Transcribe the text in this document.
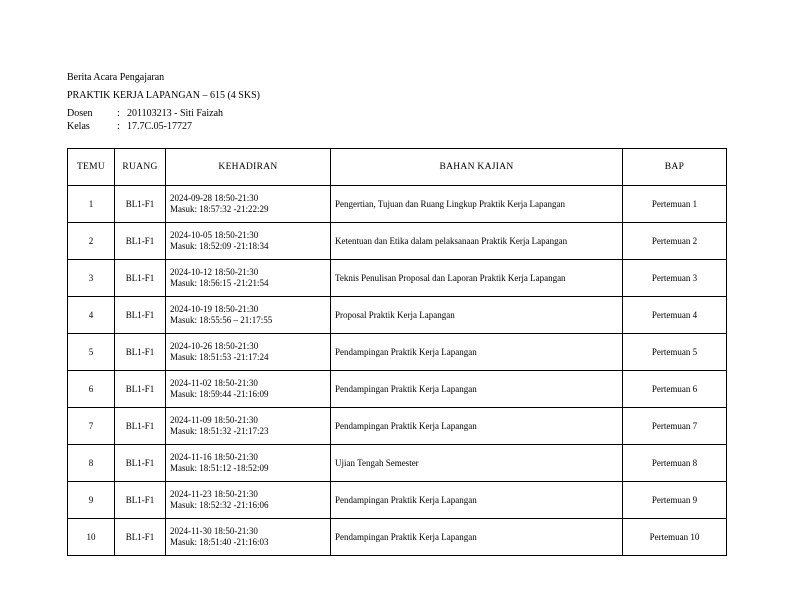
Berita Acara Pengajaran
PRAKTIK KERJA LAPANGAN – 615 (4 SKS)
Dosen : 201103213 - Siti Faizah
Kelas	: 17.7C.05-17727
TEMU	RUANG	KEHADIRAN	BAHAN KAJIAN	BAP
1	BL1-F1	2024-09-28 18:50-21:30
Masuk: 18:57:32 -21:22:29	Pengertian, Tujuan dan Ruang Lingkup Praktik Kerja Lapangan	Pertemuan 1
2	BL1-F1	2024-10-05 18:50-21:30
Masuk: 18:52:09 -21:18:34	Ketentuan dan Etika dalam pelaksanaan Praktik Kerja Lapangan	Pertemuan 2
3	BL1-F1	2024-10-12 18:50-21:30
Masuk: 18:56:15 -21:21:54	Teknis Penulisan Proposal dan Laporan Praktik Kerja Lapangan	Pertemuan 3
4	BL1-F1	2024-10-19 18:50-21:30
Masuk: 18:55:56 – 21:17:55	Proposal Praktik Kerja Lapangan	Pertemuan 4
5	BL1-F1	2024-10-26 18:50-21:30
Masuk: 18:51:53 -21:17:24	Pendampingan Praktik Kerja Lapangan	Pertemuan 5
6	BL1-F1	2024-11-02 18:50-21:30
Masuk: 18:59:44 -21:16:09	Pendampingan Praktik Kerja Lapangan	Pertemuan 6
7	BL1-F1	2024-11-09 18:50-21:30
Masuk: 18:51:32 -21:17:23	Pendampingan Praktik Kerja Lapangan	Pertemuan 7
8	BL1-F1	2024-11-16 18:50-21:30
Masuk: 18:51:12 -18:52:09	Ujian Tengah Semester	Pertemuan 8
9	BL1-F1	2024-11-23 18:50-21:30
Masuk: 18:52:32 -21:16:06	Pendampingan Praktik Kerja Lapangan	Pertemuan 9
10	BL1-F1	2024-11-30 18:50-21:30
Masuk: 18:51:40 -21:16:03	Pendampingan Praktik Kerja Lapangan	Pertemuan 10
